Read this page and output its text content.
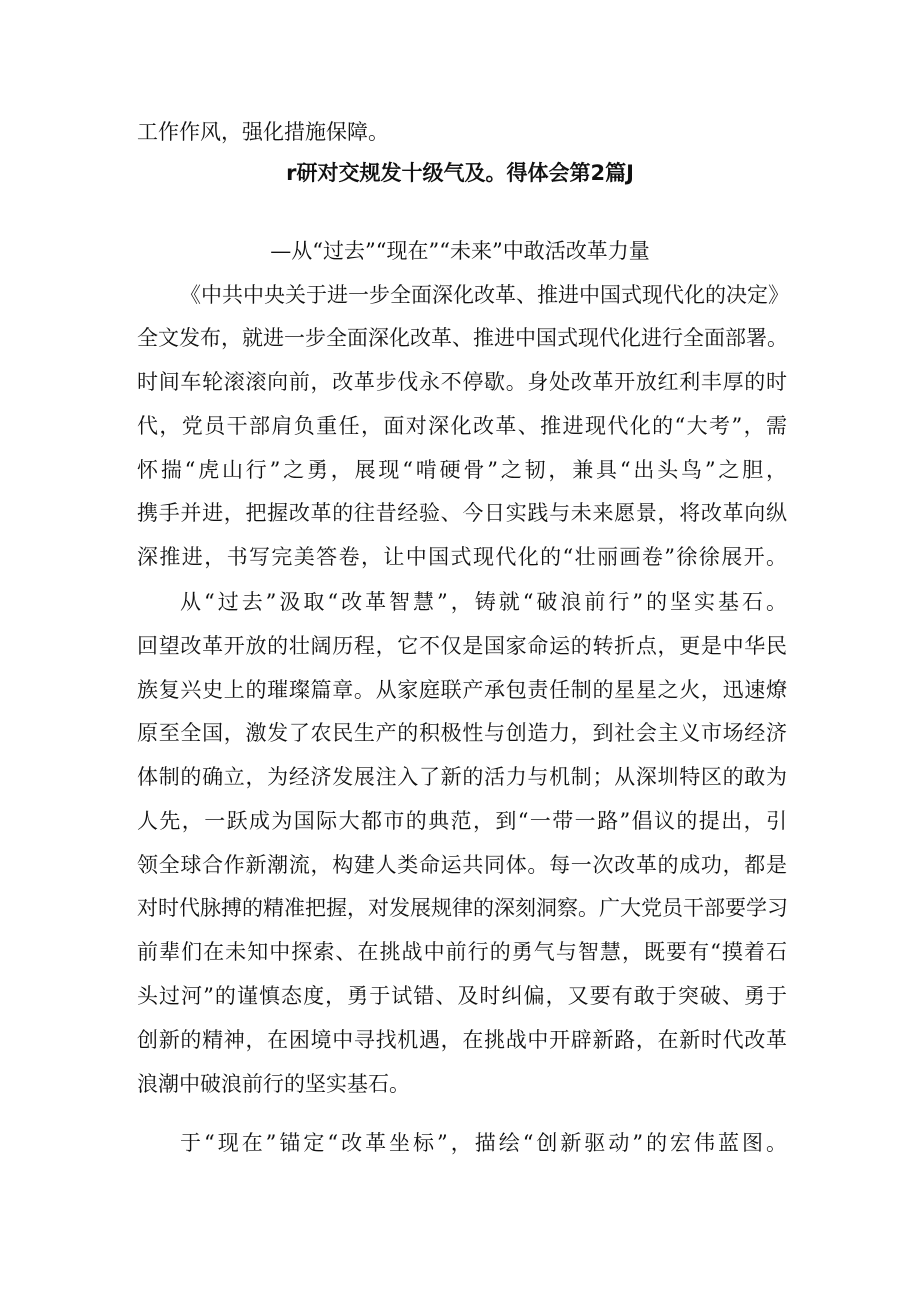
工作作风，强化措施保障。
r研对交规发十级气及。得体会第2篇J
—从“过去”“现在”“未来”中敢活改革力量
《中共中央关于进一步全面深化改革、推进中国式现代化的决定》
全文发布，就进一步全面深化改革、推进中国式现代化进行全面部署。
时间车轮滚滚向前，改革步伐永不停歇。身处改革开放红利丰厚的时
代，党员干部肩负重任，面对深化改革、推进现代化的“大考”，需
怀揣“虎山行”之勇，展现“啃硬骨”之韧，兼具“出头鸟”之胆，
携手并进，把握改革的往昔经验、今日实践与未来愿景，将改革向纵
深推进，书写完美答卷，让中国式现代化的“壮丽画卷”徐徐展开。
从“过去”汲取“改革智慧”，铸就“破浪前行”的坚实基石。
回望改革开放的壮阔历程，它不仅是国家命运的转折点，更是中华民
族复兴史上的璀璨篇章。从家庭联产承包责任制的星星之火，迅速燎
原至全国，激发了农民生产的积极性与创造力，到社会主义市场经济
体制的确立，为经济发展注入了新的活力与机制；从深圳特区的敢为
人先，一跃成为国际大都市的典范，到“一带一路”倡议的提出，引
领全球合作新潮流，构建人类命运共同体。每一次改革的成功，都是
对时代脉搏的精准把握，对发展规律的深刻洞察。广大党员干部要学习
前辈们在未知中探索、在挑战中前行的勇气与智慧，既要有“摸着石
头过河”的谨慎态度，勇于试错、及时纠偏，又要有敢于突破、勇于
创新的精神，在困境中寻找机遇，在挑战中开辟新路，在新时代改革
浪潮中破浪前行的坚实基石。
于“现在”锚定“改革坐标”，描绘“创新驱动”的宏伟蓝图。
